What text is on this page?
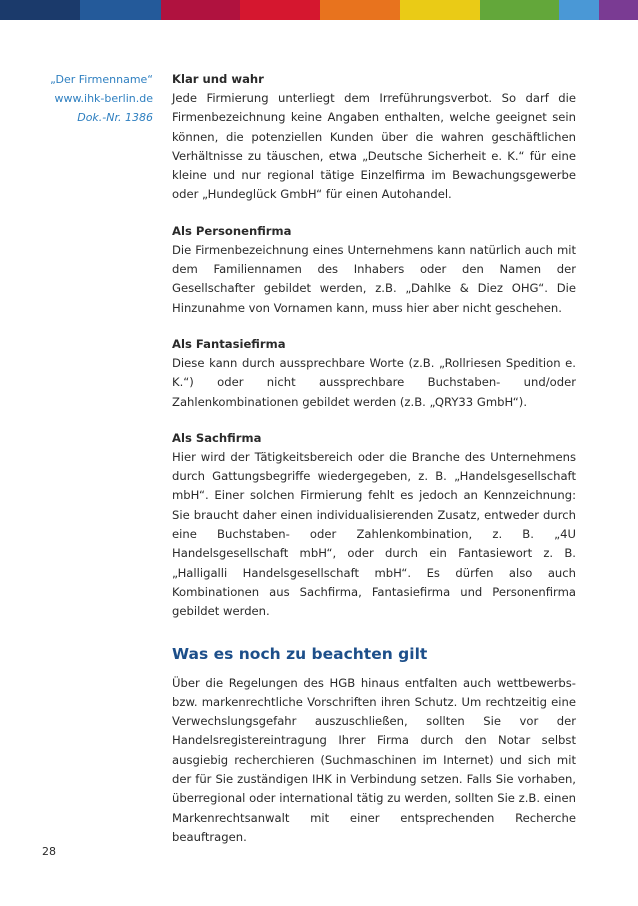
„Der Firmenname“
www.ihk-berlin.de
Dok.-Nr. 1386

Klar und wahr

Jede Firmierung unterliegt dem Irreführungsverbot. So darf die Firmenbezeichnung keine Angaben enthalten, welche geeignet sein können, die potenziellen Kunden über die wahren geschäftlichen Verhältnisse zu täuschen, etwa „Deutsche Sicherheit e. K.“ für eine kleine und nur regional tätige Einzelfirma im Bewachungsgewerbe oder „Hundeglück GmbH“ für einen Autohandel.

Als Personenfirma

Die Firmenbezeichnung eines Unternehmens kann natürlich auch mit dem Familiennamen des Inhabers oder den Namen der Gesellschafter gebildet werden, z.B. „Dahlke & Diez OHG“. Die Hinzunahme von Vornamen kann, muss hier aber nicht geschehen.

Als Fantasiefirma

Diese kann durch aussprechbare Worte (z.B. „Rollriesen Spedition e. K.“) oder nicht aussprechbare Buchstaben- und/oder Zahlenkombinationen gebildet werden (z.B. „QRY33 GmbH“).

Als Sachfirma

Hier wird der Tätigkeitsbereich oder die Branche des Unternehmens durch Gattungsbegriffe wiedergegeben, z. B. „Handelsgesellschaft mbH“. Einer solchen Firmierung fehlt es jedoch an Kennzeichnung: Sie braucht daher einen individualisierenden Zusatz, entweder durch eine Buchstaben- oder Zahlenkombination, z. B. „4U Handelsgesellschaft mbH“, oder durch ein Fantasiewort z. B. „Halligalli Handelsgesellschaft mbH“. Es dürfen also auch Kombinationen aus Sachfirma, Fantasiefirma und Personenfirma gebildet werden.

Was es noch zu beachten gilt

Über die Regelungen des HGB hinaus entfalten auch wettbewerbs- bzw. markenrechtliche Vorschriften ihren Schutz. Um rechtzeitig eine Verwechslungsgefahr auszuschließen, sollten Sie vor der Handelsregistereintragung Ihrer Firma durch den Notar selbst ausgiebig recherchieren (Suchmaschinen im Internet) und sich mit der für Sie zuständigen IHK in Verbindung setzen. Falls Sie vorhaben, überregional oder international tätig zu werden, sollten Sie z.B. einen Markenrechtsanwalt mit einer entsprechenden Recherche beauftragen.

28
